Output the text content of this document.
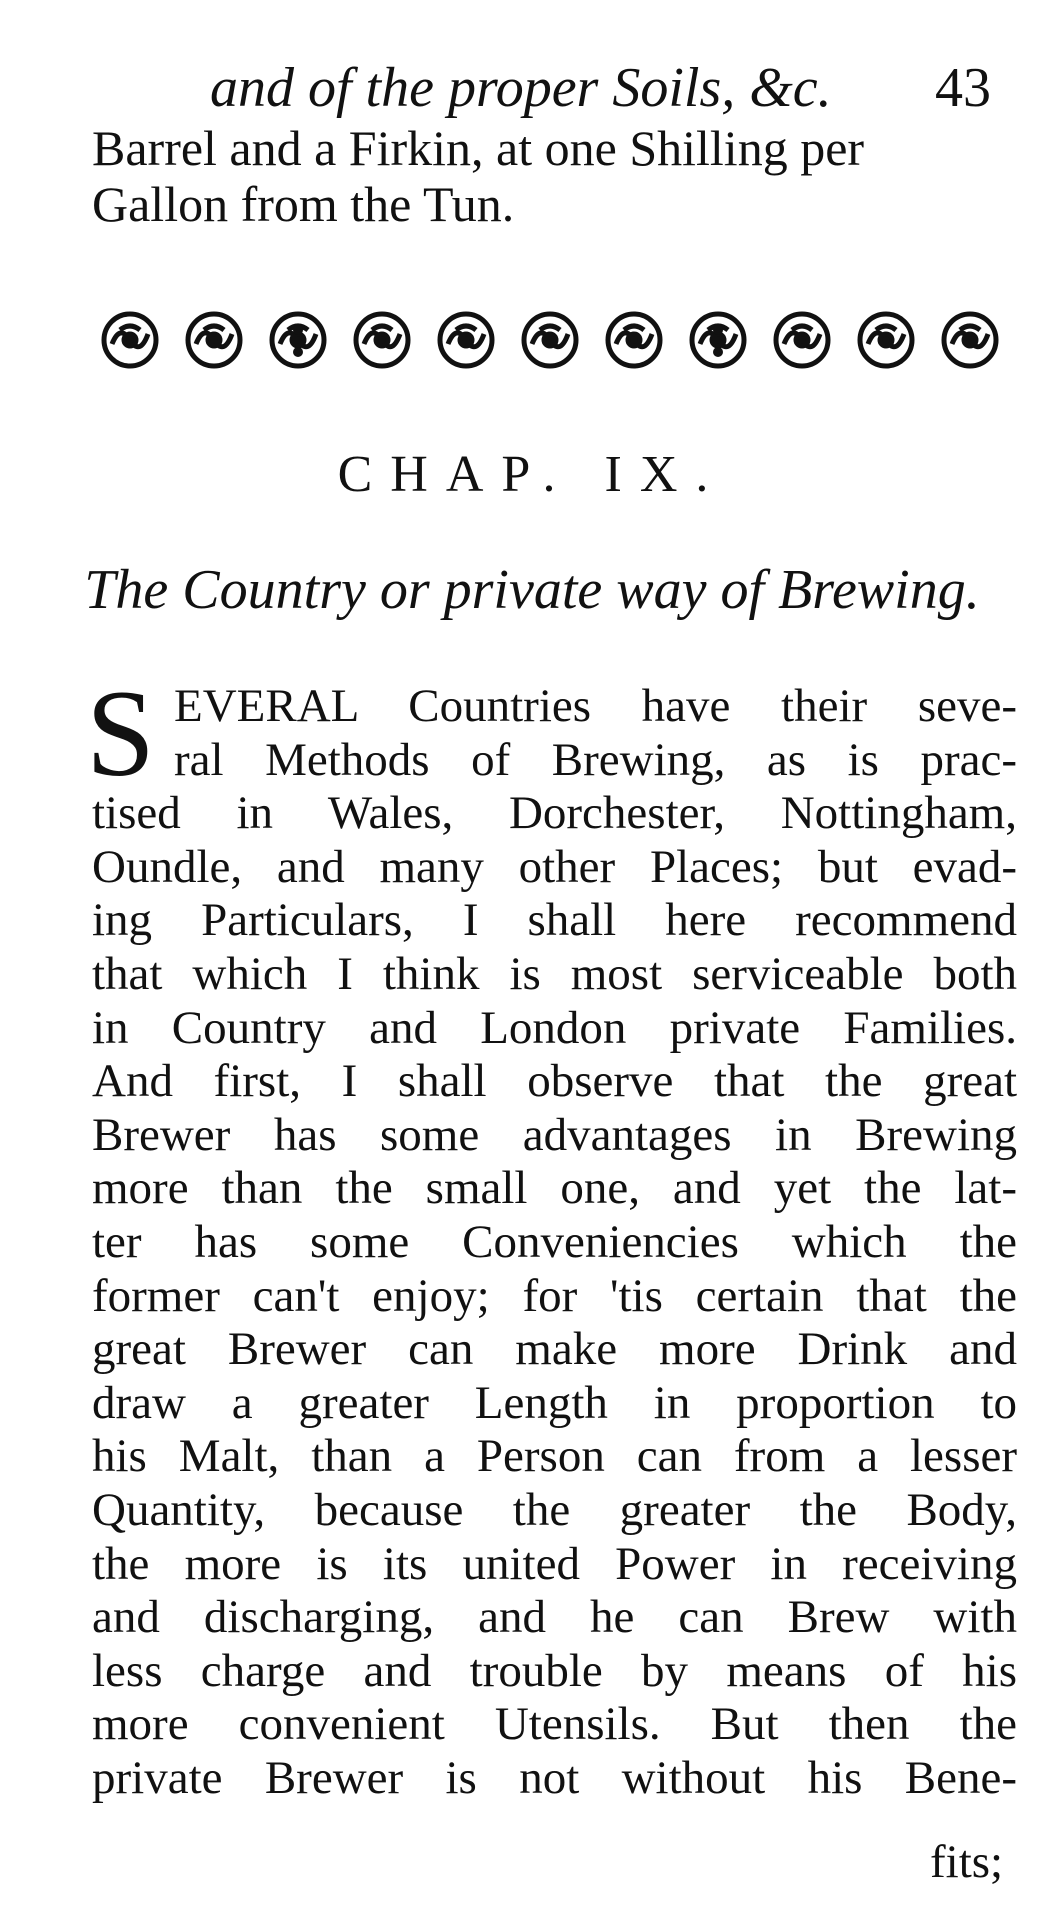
and of the proper Soils, &c. 43
Barrel and a Firkin, at one Shilling per
Gallon from the Tun.
CHAP. IX.
The Country or private way of Brewing.
S EVERAL Countries have their seve-
ral Methods of Brewing, as is prac-
tised in Wales, Dorchester, Nottingham,
Oundle, and many other Places; but evad-
ing Particulars, I shall here recommend
that which I think is most serviceable both
in Country and London private Families.
And first, I shall observe that the great
Brewer has some advantages in Brewing
more than the small one, and yet the lat-
ter has some Conveniencies which the
former can't enjoy; for 'tis certain that the
great Brewer can make more Drink and
draw a greater Length in proportion to
his Malt, than a Person can from a lesser
Quantity, because the greater the Body,
the more is its united Power in receiving
and discharging, and he can Brew with
less charge and trouble by means of his
more convenient Utensils. But then the
private Brewer is not without his Bene-
fits;
